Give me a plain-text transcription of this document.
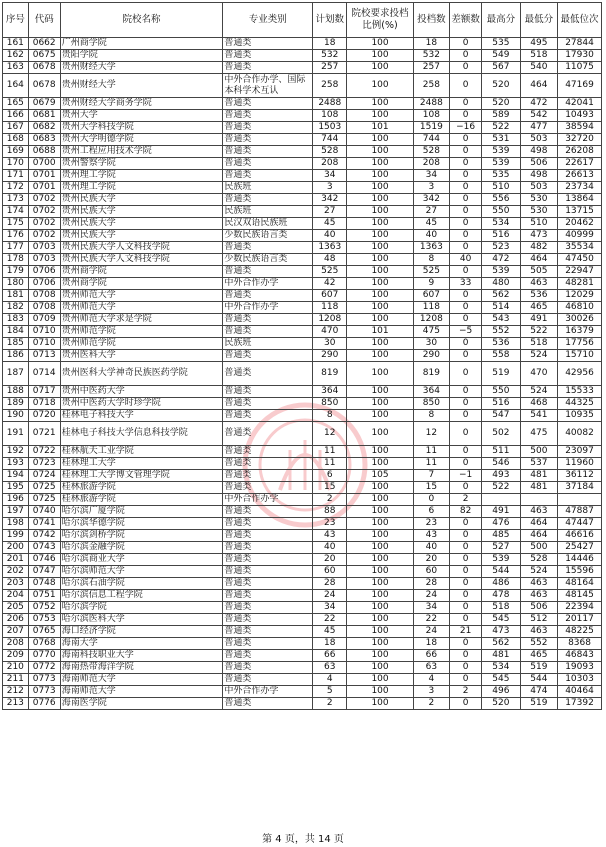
序号	代码	院校名称	专业类别	计划数	院校要求投档比例(%)	投档数	差额数	最高分	最低分	最低位次
161	0662	广州商学院	普通类	18	100	18	0	535	495	27844
162	0675	贵阳学院	普通类	532	100	532	0	549	518	17930
163	0678	贵州财经大学	普通类	257	100	257	0	567	540	11075
164	0678	贵州财经大学	中外合作办学、国际本科学术互认	258	100	258	0	520	464	47169
165	0679	贵州财经大学商务学院	普通类	2488	100	2488	0	520	472	42041
166	0681	贵州大学	普通类	108	100	108	0	589	542	10493
167	0682	贵州大学科技学院	普通类	1503	101	1519	−16	522	477	38594
168	0683	贵州大学明德学院	普通类	744	100	744	0	531	503	32720
169	0688	贵州工程应用技术学院	普通类	528	100	528	0	539	498	26208
170	0700	贵州警察学院	普通类	208	100	208	0	539	506	22617
171	0701	贵州理工学院	普通类	34	100	34	0	535	498	26613
172	0701	贵州理工学院	民族班	3	100	3	0	510	503	23734
173	0702	贵州民族大学	普通类	342	100	342	0	556	530	13864
174	0702	贵州民族大学	民族班	27	100	27	0	550	530	13715
175	0702	贵州民族大学	民汉双语民族班	45	100	45	0	534	510	20462
176	0702	贵州民族大学	少数民族语言类	40	100	40	0	516	473	40999
177	0703	贵州民族大学人文科技学院	普通类	1363	100	1363	0	523	482	35534
178	0703	贵州民族大学人文科技学院	少数民族语言类	48	100	8	40	472	464	47450
179	0706	贵州商学院	普通类	525	100	525	0	539	505	22947
180	0706	贵州商学院	中外合作办学	42	100	9	33	480	463	48281
181	0708	贵州师范大学	普通类	607	100	607	0	562	536	12029
182	0708	贵州师范大学	中外合作办学	118	100	118	0	514	465	46810
183	0709	贵州师范大学求是学院	普通类	1208	100	1208	0	543	491	30026
184	0710	贵州师范学院	普通类	470	101	475	−5	552	522	16379
185	0710	贵州师范学院	民族班	30	100	30	0	536	518	17756
186	0713	贵州医科大学	普通类	290	100	290	0	558	524	15710
187	0714	贵州医科大学神奇民族医药学院	普通类	819	100	819	0	519	470	42956
188	0717	贵州中医药大学	普通类	364	100	364	0	550	524	15533
189	0718	贵州中医药大学时珍学院	普通类	850	100	850	0	516	468	44325
190	0720	桂林电子科技大学	普通类	8	100	8	0	547	541	10935
191	0721	桂林电子科技大学信息科技学院	普通类	12	100	12	0	502	475	40082
192	0722	桂林航天工业学院	普通类	11	100	11	0	511	500	23097
193	0723	桂林理工大学	普通类	11	100	11	0	546	537	11960
194	0724	桂林理工大学博文管理学院	普通类	6	105	7	−1	493	481	36112
195	0725	桂林旅游学院	普通类	15	100	15	0	522	481	37184
196	0725	桂林旅游学院	中外合作办学	2	100	0	2			
197	0740	哈尔滨广厦学院	普通类	88	100	6	82	491	463	47887
198	0741	哈尔滨华德学院	普通类	23	100	23	0	476	464	47447
199	0742	哈尔滨剑桥学院	普通类	43	100	43	0	485	464	46616
200	0743	哈尔滨金融学院	普通类	40	100	40	0	527	500	25427
201	0746	哈尔滨商业大学	普通类	20	100	20	0	539	528	14446
202	0747	哈尔滨师范大学	普通类	60	100	60	0	544	524	15596
203	0748	哈尔滨石油学院	普通类	28	100	28	0	486	463	48164
204	0751	哈尔滨信息工程学院	普通类	24	100	24	0	478	463	48145
205	0752	哈尔滨学院	普通类	34	100	34	0	518	506	22394
206	0753	哈尔滨医科大学	普通类	22	100	22	0	545	512	20117
207	0765	海口经济学院	普通类	45	100	24	21	473	463	48225
208	0768	海南大学	普通类	18	100	18	0	562	552	8368
209	0770	海南科技职业大学	普通类	66	100	66	0	481	465	46843
210	0772	海南热带海洋学院	普通类	63	100	63	0	534	519	19093
211	0773	海南师范大学	普通类	4	100	4	0	545	544	10303
212	0773	海南师范大学	中外合作办学	5	100	3	2	496	474	40464
213	0776	海南医学院	普通类	2	100	2	0	520	519	17392
第 4 页，共 14 页
